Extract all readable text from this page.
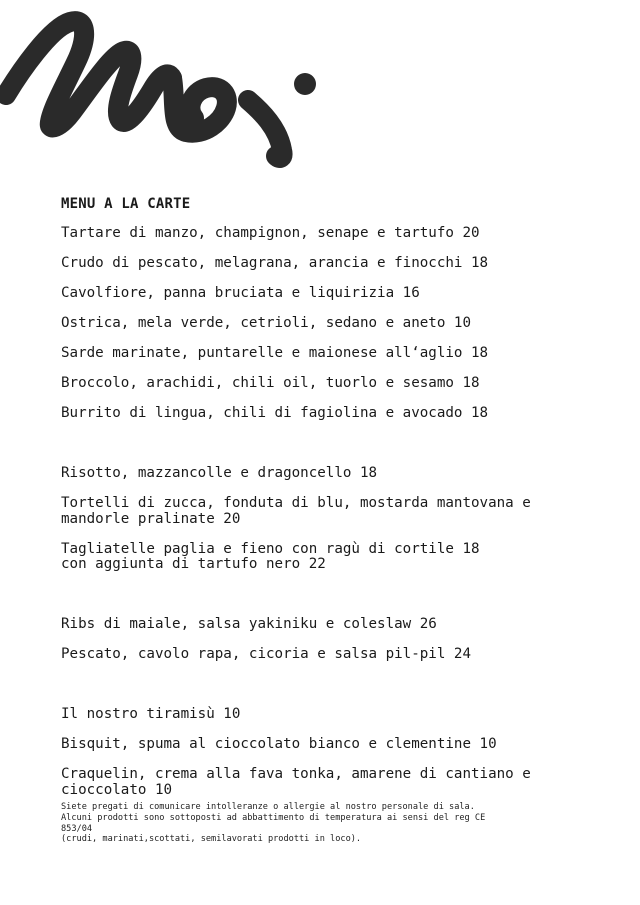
MENU A LA CARTE

Tartare di manzo, champignon, senape e tartufo 20

Crudo di pescato, melagrana, arancia e finocchi 18

Cavolfiore, panna bruciata e liquirizia 16

Ostrica, mela verde, cetrioli, sedano e aneto 10

Sarde marinate, puntarelle e maionese all‘aglio 18

Broccolo, arachidi, chili oil, tuorlo e sesamo 18

Burrito di lingua, chili di fagiolina e avocado 18

Risotto, mazzancolle e dragoncello 18

Tortelli di zucca, fonduta di blu, mostarda mantovana e
mandorle pralinate 20

Tagliatelle paglia e fieno con ragù di cortile 18
con aggiunta di tartufo nero 22

Ribs di maiale, salsa yakiniku e coleslaw 26

Pescato, cavolo rapa, cicoria e salsa pil-pil 24

Il nostro tiramisù 10

Bisquit, spuma al cioccolato bianco e clementine 10

Craquelin, crema alla fava tonka, amarene di cantiano e
cioccolato 10

Siete pregati di comunicare intolleranze o allergie al nostro personale di sala.
Alcuni prodotti sono sottoposti ad abbattimento di temperatura ai sensi del reg CE
853/04
(crudi, marinati,scottati, semilavorati prodotti in loco).
